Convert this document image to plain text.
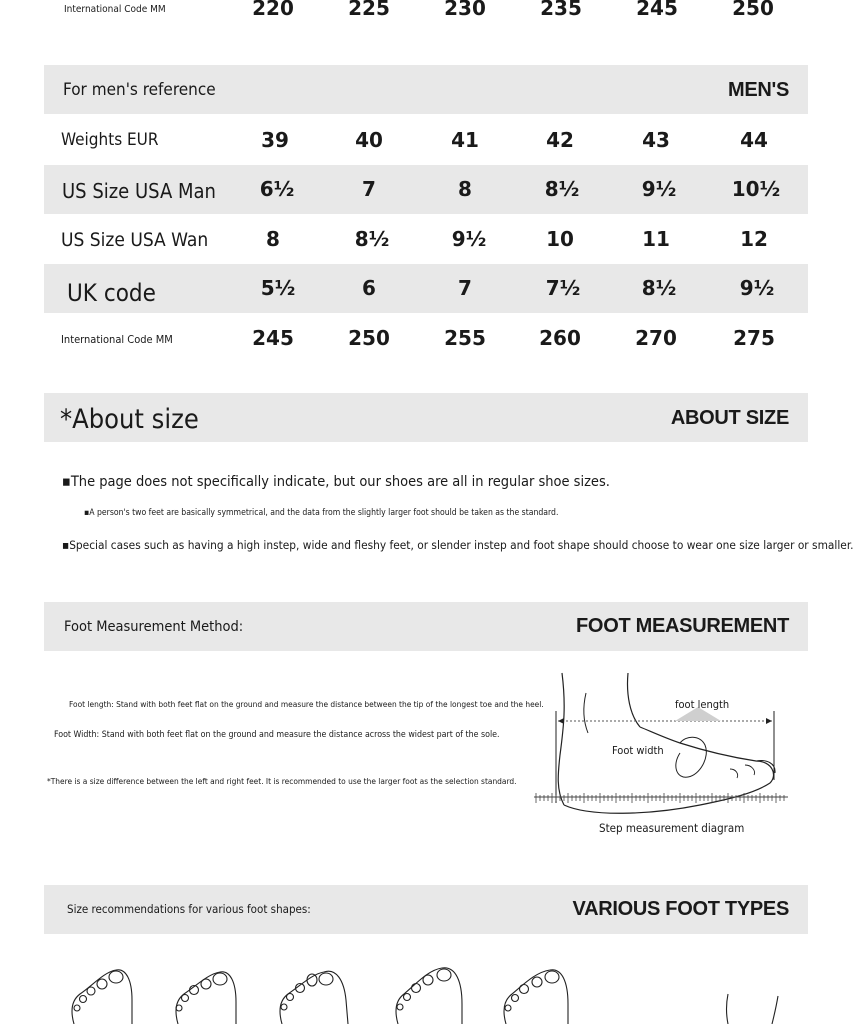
International Code MM	220	225	230	235	245	250
For men's reference	MEN'S
Weights EUR	39	40	41	42	43	44
US Size USA Man	6½	7	8	8½	9½	10½
US Size USA Wan	8	8½	9½	10	11	12
UK code	5½	6	7	7½	8½	9½
International Code MM	245	250	255	260	270	275
*About size	ABOUT SIZE
▪The page does not specifically indicate, but our shoes are all in regular shoe sizes.
▪A person's two feet are basically symmetrical, and the data from the slightly larger foot should be taken as the standard.
▪Special cases such as having a high instep, wide and fleshy feet, or slender instep and foot shape should choose to wear one size larger or smaller.
Foot Measurement Method:	FOOT MEASUREMENT
Foot length: Stand with both feet flat on the ground and measure the distance between the tip of the longest toe and the heel.
Foot Width: Stand with both feet flat on the ground and measure the distance across the widest part of the sole.
*There is a size difference between the left and right feet. It is recommended to use the larger foot as the selection standard.
foot length
Foot width
Step measurement diagram
Size recommendations for various foot shapes:	VARIOUS FOOT TYPES
